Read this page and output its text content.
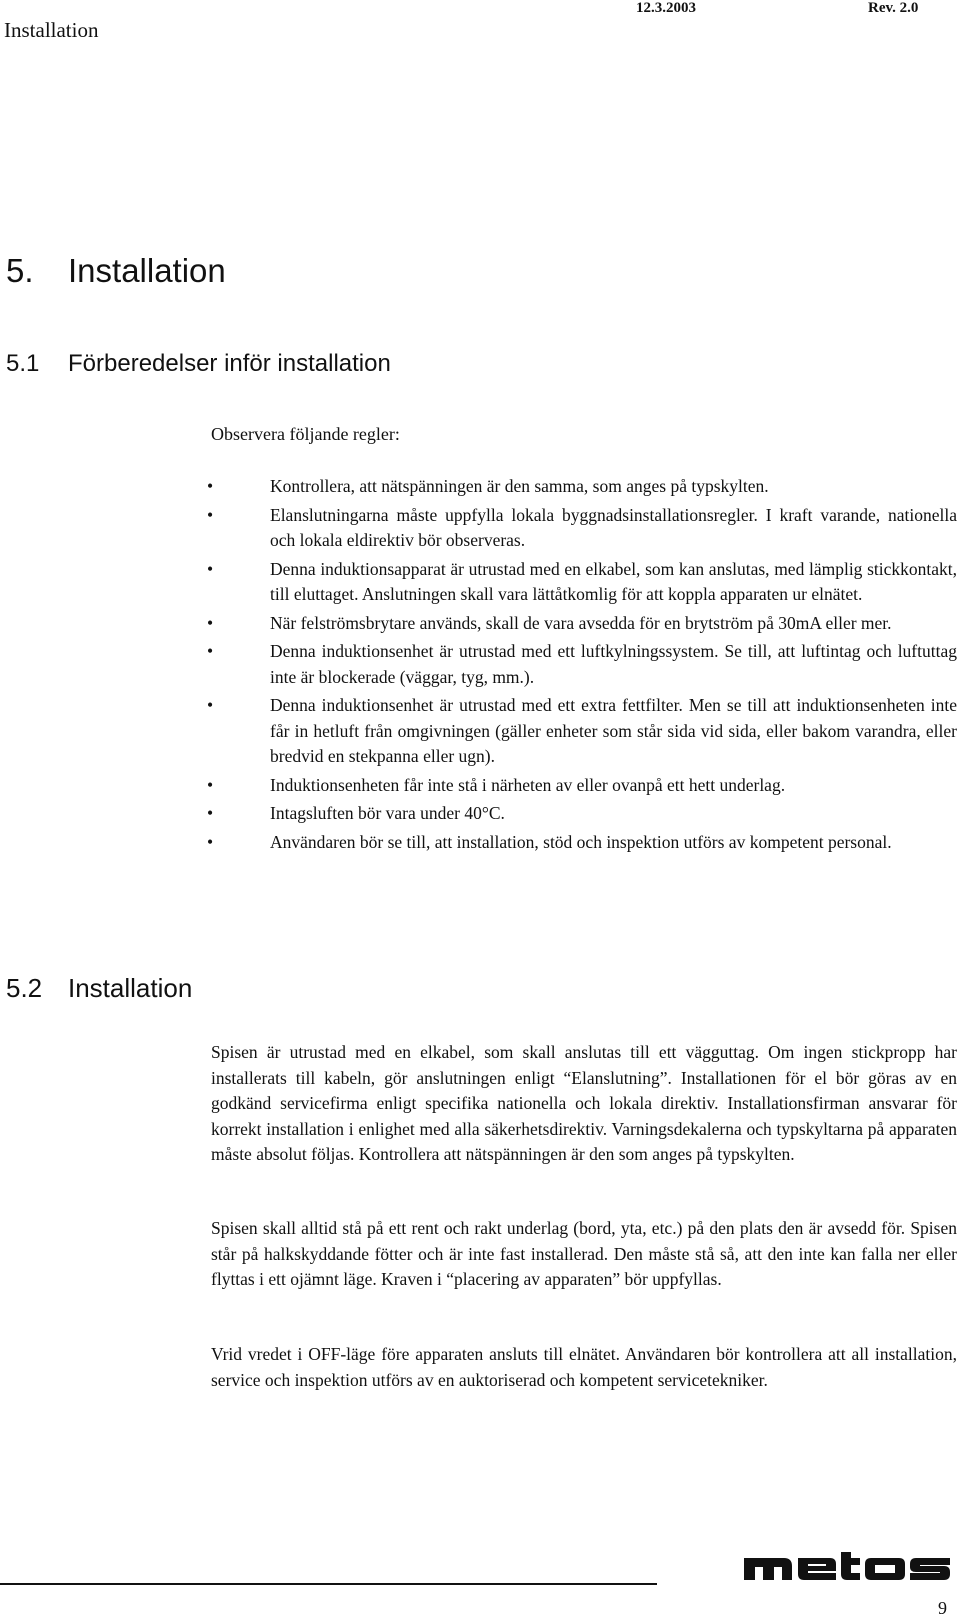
Installation
12.3.2003	Rev. 2.0
5. Installation
5.1 Förberedelser inför installation
Observera följande regler:
• Kontrollera, att nätspänningen är den samma, som anges på typskylten.
• Elanslutningarna måste uppfylla lokala byggnadsinstallationsregler. I kraft varande, nationella och lokala eldirektiv bör observeras.
• Denna induktionsapparat är utrustad med en elkabel, som kan anslutas, med lämplig stickkontakt, till eluttaget. Anslutningen skall vara lättåtkomlig för att koppla apparaten ur elnätet.
• När felströmsbrytare används, skall de vara avsedda för en brytström på 30mA eller mer.
• Denna induktionsenhet är utrustad med ett luftkylningssystem. Se till, att luftintag och luftuttag inte är blockerade (väggar, tyg, mm.).
• Denna induktionsenhet är utrustad med ett extra fettfilter. Men se till att induktionsenheten inte får in hetluft från omgivningen (gäller enheter som står sida vid sida, eller bakom varandra, eller bredvid en stekpanna eller ugn).
• Induktionsenheten får inte stå i närheten av eller ovanpå ett hett underlag.
• Intagsluften bör vara under 40°C.
• Användaren bör se till, att installation, stöd och inspektion utförs av kompetent personal.
5.2 Installation

Spisen är utrustad med en elkabel, som skall anslutas till ett vägguttag. Om ingen stickpropp har installerats till kabeln, gör anslutningen enligt “Elanslutning”. Installationen för el bör göras av en godkänd servicefirma enligt specifika nationella och lokala direktiv. Installationsfirman ansvarar för korrekt installation i enlighet med alla säkerhetsdirektiv. Varningsdekalerna och typskyltarna på apparaten måste absolut följas. Kontrollera att nätspänningen är den som anges på typskylten.

Spisen skall alltid stå på ett rent och rakt underlag (bord, yta, etc.) på den plats den är avsedd för. Spisen står på halkskyddande fötter och är inte fast installerad. Den måste stå så, att den inte kan falla ner eller flyttas i ett ojämnt läge. Kraven i “placering av apparaten” bör uppfyllas.

Vrid vredet i OFF-läge före apparaten ansluts till elnätet. Användaren bör kontrollera att all installation, service och inspektion utförs av en auktoriserad och kompetent servicetekniker.

9
